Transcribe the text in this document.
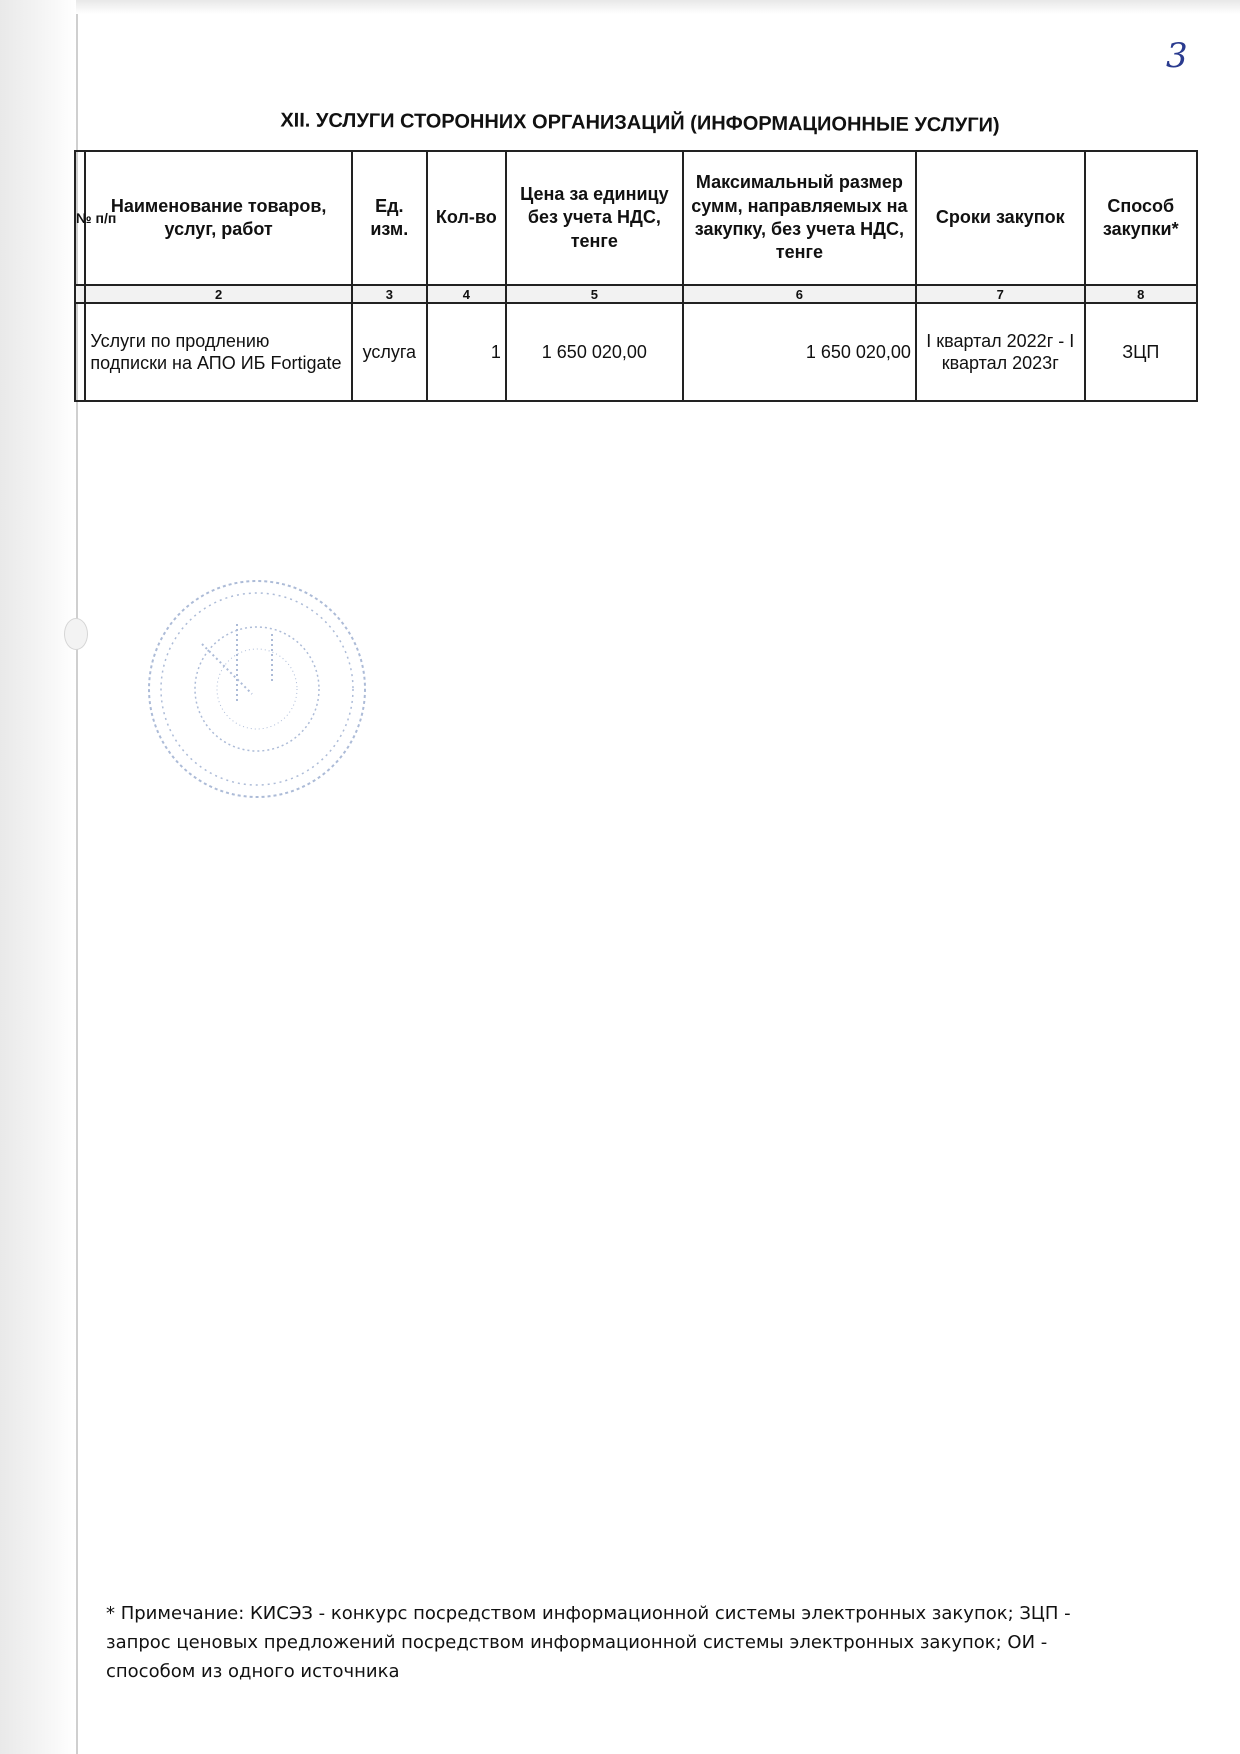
3
XII. УСЛУГИ СТОРОННИХ ОРГАНИЗАЦИЙ (ИНФОРМАЦИОННЫЕ УСЛУГИ)
№ п/п	Наименование товаров, услуг, работ	Ед. изм.	Кол-во	Цена за единицу без учета НДС, тенге	Максимальный размер сумм, направляемых на закупку, без учета НДС, тенге	Сроки закупок	Способ закупки*
	2	3	4	5	6	7	8
	Услуги по продлению подписки на АПО ИБ Fortigate	услуга	1	1 650 020,00	1 650 020,00	I квартал 2022г - I квартал 2023г	ЗЦП
* Примечание: КИСЭЗ - конкурс посредством информационной системы электронных закупок; ЗЦП - запрос ценовых предложений посредством информационной системы электронных закупок; ОИ - способом из одного источника
